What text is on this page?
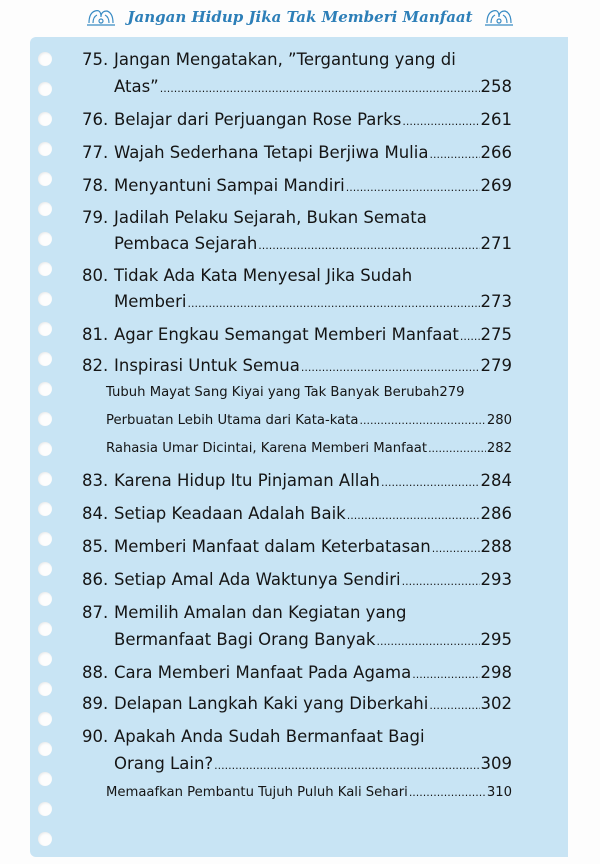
Jangan Hidup Jika Tak Memberi Manfaat
75. Jangan Mengatakan, ”Tergantung yang di
Atas” .....	258
76. Belajar dari Perjuangan Rose Parks .....	261
77. Wajah Sederhana Tetapi Berjiwa Mulia .....	266
78. Menyantuni Sampai Mandiri .....	269
79. Jadilah Pelaku Sejarah, Bukan Semata
Pembaca Sejarah .....	271
80. Tidak Ada Kata Menyesal Jika Sudah
Memberi .....	273
81. Agar Engkau Semangat Memberi Manfaat ..... 275
82. Inspirasi Untuk Semua .....	279
Tubuh Mayat Sang Kiyai yang Tak Banyak Berubah 279
Perbuatan Lebih Utama dari Kata-kata .....	280
Rahasia Umar Dicintai, Karena Memberi Manfaat .....	282
83. Karena Hidup Itu Pinjaman Allah .....	284
84. Setiap Keadaan Adalah Baik .....	286
85. Memberi Manfaat dalam Keterbatasan .....	288
86. Setiap Amal Ada Waktunya Sendiri .....	293
87. Memilih Amalan dan Kegiatan yang
Bermanfaat Bagi Orang Banyak .....	295
88. Cara Memberi Manfaat Pada Agama .....	298
89. Delapan Langkah Kaki yang Diberkahi .....	302
90. Apakah Anda Sudah Bermanfaat Bagi
Orang Lain? .....	309
Memaafkan Pembantu Tujuh Puluh Kali Sehari .....	310
